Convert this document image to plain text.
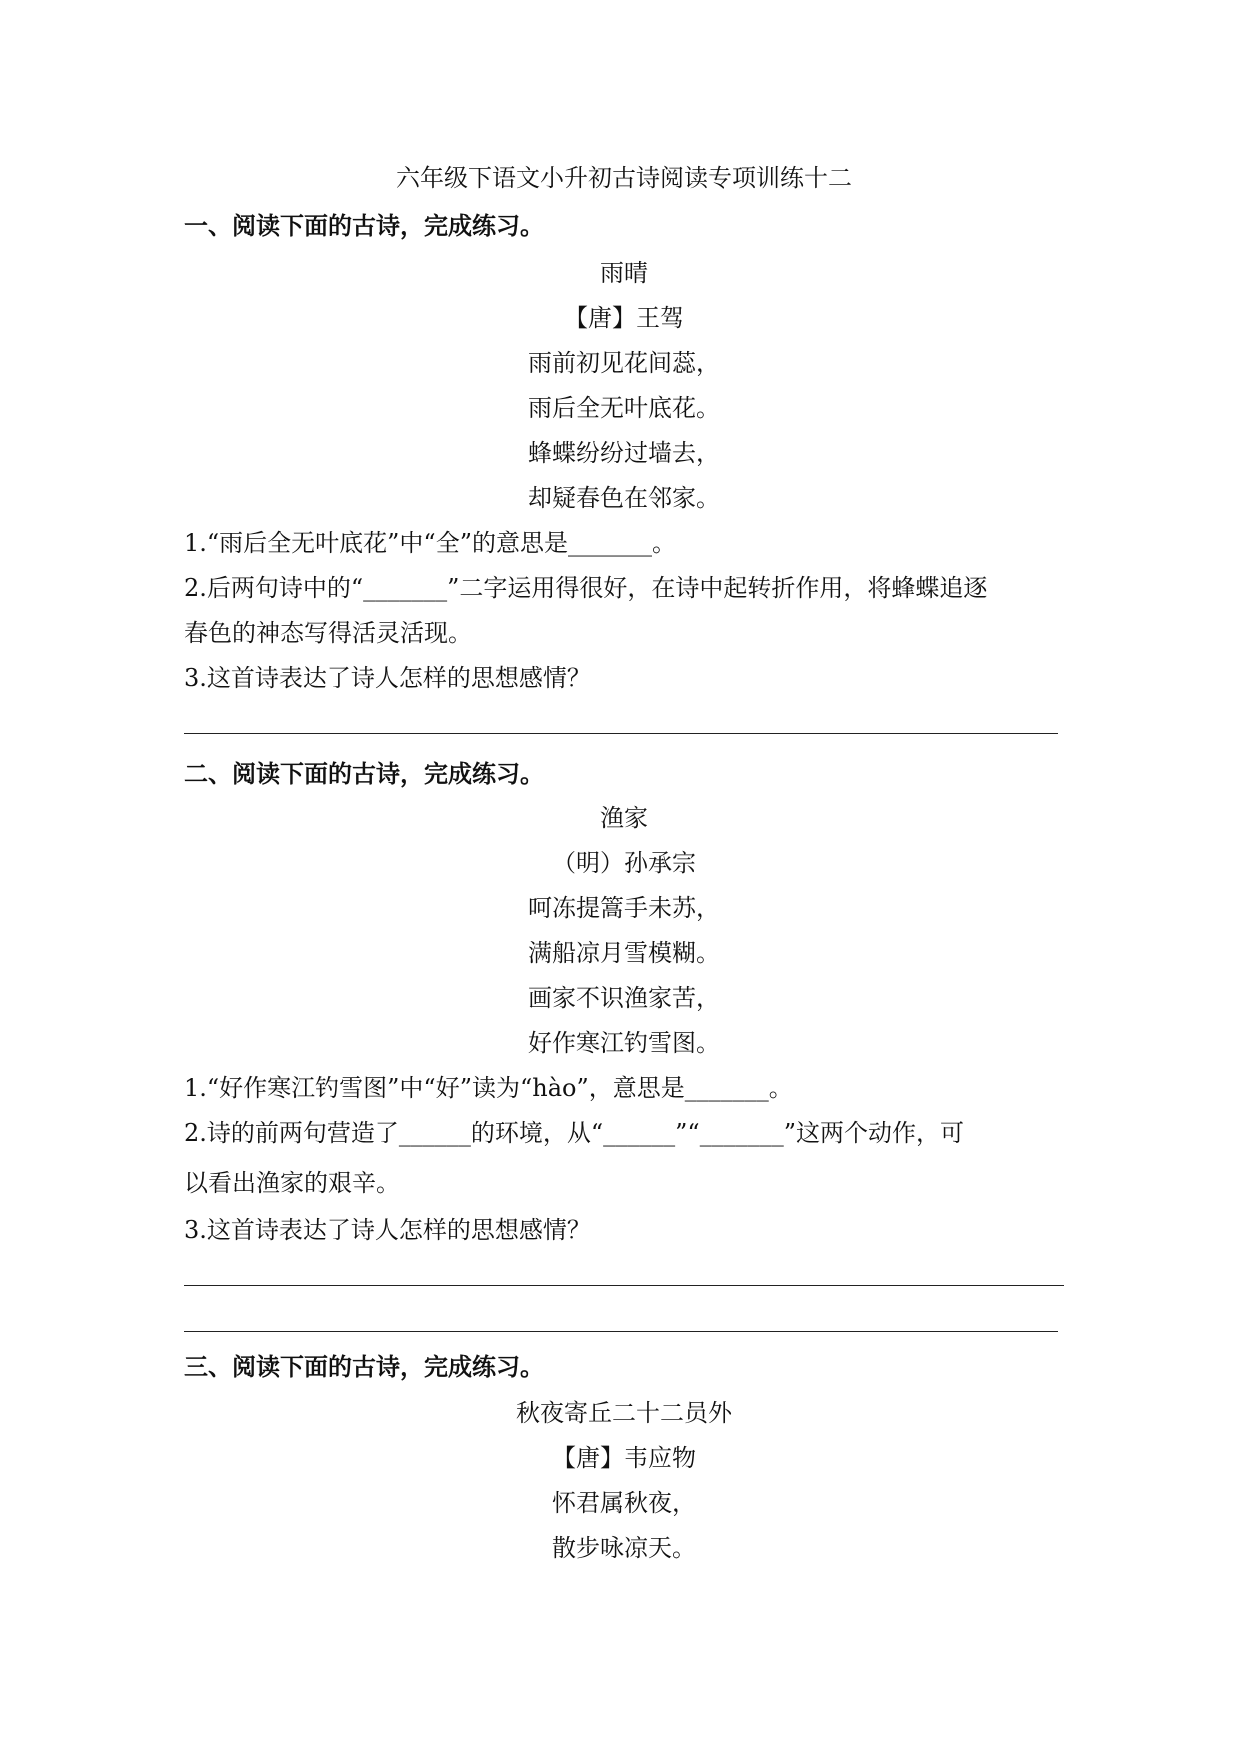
六年级下语文小升初古诗阅读专项训练十二
一、阅读下面的古诗，完成练习。
雨晴
【唐】王驾
雨前初见花间蕊，
雨后全无叶底花。
蜂蝶纷纷过墙去，
却疑春色在邻家。
1.“雨后全无叶底花”中“全”的意思是_______。
2.后两句诗中的“_______”二字运用得很好，在诗中起转折作用，将蜂蝶追逐
春色的神态写得活灵活现。
3.这首诗表达了诗人怎样的思想感情？
二、阅读下面的古诗，完成练习。
渔家
（明）孙承宗
呵冻提篙手未苏，
满船凉月雪模糊。
画家不识渔家苦，
好作寒江钓雪图。
1.“好作寒江钓雪图”中“好”读为“hào”，意思是_______。
2.诗的前两句营造了______的环境，从“______”“_______”这两个动作，可
以看出渔家的艰辛。
3.这首诗表达了诗人怎样的思想感情？
三、阅读下面的古诗，完成练习。
秋夜寄丘二十二员外
【唐】韦应物
怀君属秋夜，
散步咏凉天。
